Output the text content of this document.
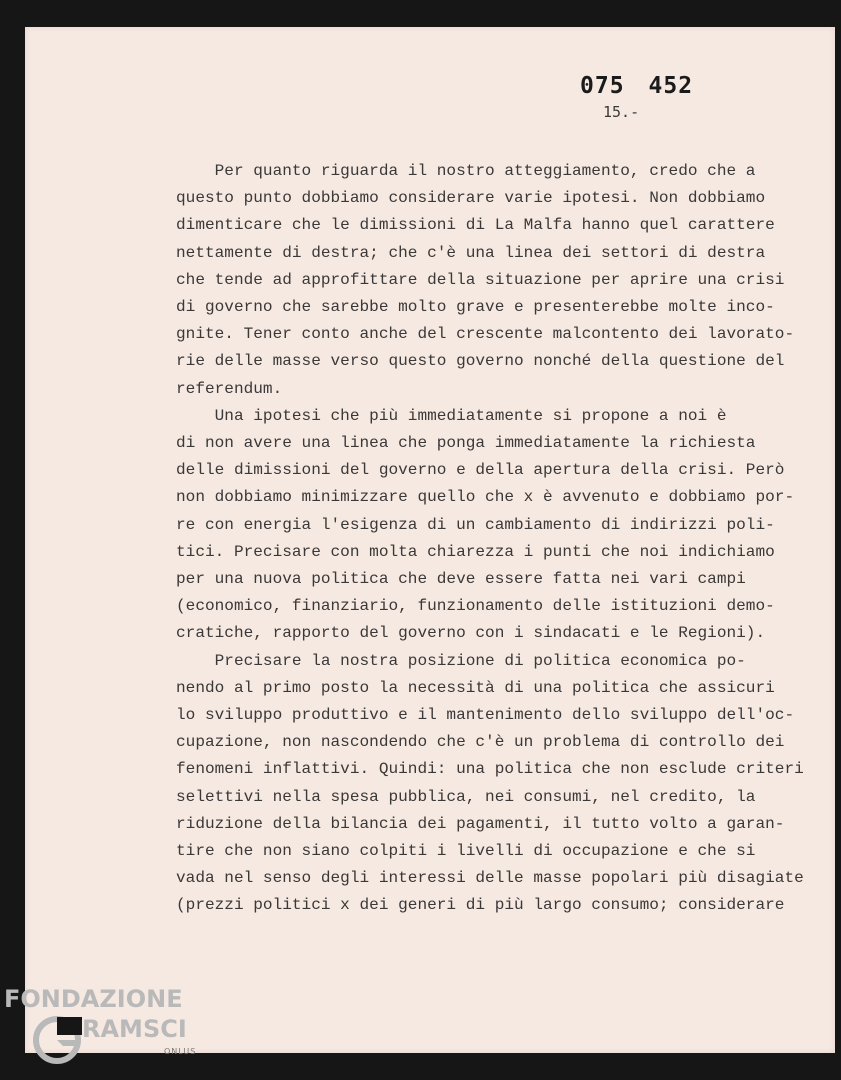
075 452
15.-
Per quanto riguarda il nostro atteggiamento, credo che a
questo punto dobbiamo considerare varie ipotesi. Non dobbiamo
dimenticare che le dimissioni di La Malfa hanno quel carattere
nettamente di destra; che c'è una linea dei settori di destra
che tende ad approfittare della situazione per aprire una crisi
di governo che sarebbe molto grave e presenterebbe molte inco-
gnite. Tener conto anche del crescente malcontento dei lavorato-
rie delle masse verso questo governo nonché della questione del
referendum.
Una ipotesi che più immediatamente si propone a noi è
di non avere una linea che ponga immediatamente la richiesta
delle dimissioni del governo e della apertura della crisi. Però
non dobbiamo minimizzare quello che x è avvenuto e dobbiamo por-
re con energia l'esigenza di un cambiamento di indirizzi poli-
tici. Precisare con molta chiarezza i punti che noi indichiamo
per una nuova politica che deve essere fatta nei vari campi
(economico, finanziario, funzionamento delle istituzioni demo-
cratiche, rapporto del governo con i sindacati e le Regioni).
Precisare la nostra posizione di politica economica po-
nendo al primo posto la necessità di una politica che assicuri
lo sviluppo produttivo e il mantenimento dello sviluppo dell'oc-
cupazione, non nascondendo che c'è un problema di controllo dei
fenomeni inflattivi. Quindi: una politica che non esclude criteri
selettivi nella spesa pubblica, nei consumi, nel credito, la
riduzione della bilancia dei pagamenti, il tutto volto a garan-
tire che non siano colpiti i livelli di occupazione e che si
vada nel senso degli interessi delle masse popolari più disagiate
(prezzi politici x dei generi di più largo consumo; considerare
FONDAZIONE
RAMSCI
ONLUS
